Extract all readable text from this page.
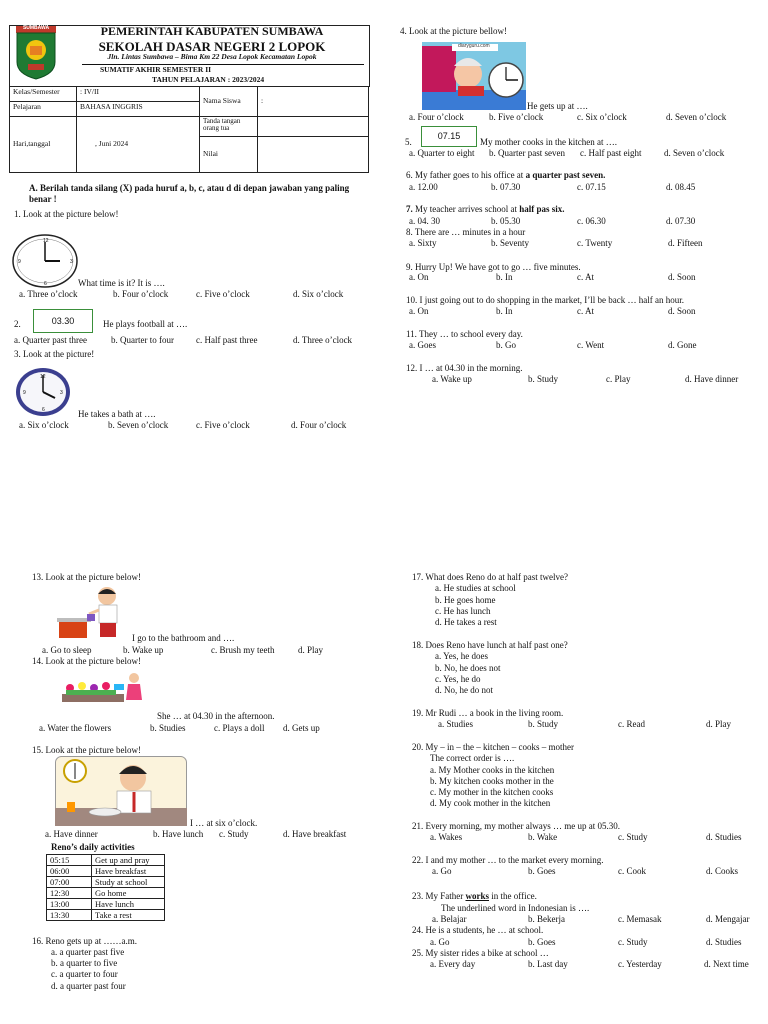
SUMBAWA	PEMERINTAH KABUPATEN SUMBAWA
SEKOLAH DASAR NEGERI 2 LOPOK
Jln. Lintas Sumbawa – Bima Km 22 Desa Lopok Kecamatan Lopok
SUMATIF AKHIR SEMESTER II
TAHUN PELAJARAN : 2023/2024
Kelas/Semester	: IV/II	Nama Siswa	:
Pelajaran	BAHASA INGGRIS		
Hari,tanggal	, Juni 2024	Tanda tangan orang tua	
		Nilai	
A. Berilah tanda silang (X) pada huruf a, b, c, atau d di depan jawaban yang paling benar !
1. Look at the picture below!
12
3
6
9
What time is it? It is ….
a. Three o’clock	b. Four o’clock	c. Five o’clock	d. Six o’clock
2.	03.30	He plays football at ….
a. Quarter past three	b. Quarter to four c. Half past three	d. Three o’clock
3. Look at the picture!
12
3
6
9
He takes a bath at ….
a. Six o’clock	b. Seven o’clock	c. Five o’clock	d. Four o’clock
4. Look at the picture bellow!
diaryguru.com
He gets up at ….
a. Four o’clock	b. Five o’clock	c. Six o’clock	d. Seven o’clock
5.
07.15
My mother cooks in the kitchen at ….
a. Quarter to eight b. Quarter past seven c. Half past eight	d. Seven o’clock
6. My father goes to his office at a quarter past seven.
a. 12.00	b. 07.30	c. 07.15	d. 08.45
7. My teacher arrives school at half pas six.
a. 04. 30	b. 05.30	c. 06.30	d. 07.30
8. There are … minutes in a hour
a. Sixty	b. Seventy	c. Twenty	d. Fifteen
9. Hurry Up! We have got to go … five minutes.
a. On	b. In	c. At	d. Soon
10. I just going out to do shopping in the market, I’ll be back … half an hour.
a. On	b. In	c. At	d. Soon
11. They … to school every day.
a. Goes	b. Go	c. Went	d. Gone
12. I … at 04.30 in the morning.
a. Wake up	b. Study	c. Play	d. Have dinner
13. Look at the picture below!
I go to the bathroom and ….
a. Go to sleep	b. Wake up	c. Brush my teeth	d. Play
14. Look at the picture below!
She … at 04.30 in the afternoon.
a. Water the flowers	b. Studies	c. Plays a doll d. Gets up
15. Look at the picture below!
I … at six o’clock.
a. Have dinner	b. Have lunch c. Study	d. Have breakfast
Reno’s daily activities
05:15	Get up and pray
06:00	Have breakfast
07:00	Study at school
12:30	Go home
13:00	Have lunch
13:30	Take a rest
16. Reno gets up at ……a.m.
a. a quarter past five
b. a quarter to five
c. a quarter to four
d. a quarter past four
17. What does Reno do at half past twelve?
a. He studies at school
b. He goes home
c. He has lunch
d. He takes a rest
18. Does Reno have lunch at half past one?
a. Yes, he does
b. No, he does not
c. Yes, he do
d. No, he do not
19. Mr Rudi … a book in the living room.
a. Studies	b. Study	c. Read	d. Play
20. My – in – the – kitchen – cooks – mother
The correct order is ….
a. My Mother cooks in the kitchen
b. My kitchen cooks mother in the
c. My mother in the kitchen cooks
d. My cook mother in the kitchen
21. Every morning, my mother always … me up at 05.30.
a. Wakes	b. Wake	c. Study	d. Studies
22. I and my mother … to the market every morning.
a. Go	b. Goes	c. Cook	d. Cooks
23. My Father works in the office.
The underlined word in Indonesian is ….
a. Belajar	b. Bekerja	c. Memasak	d. Mengajar
24. He is a students, he … at school.
a. Go	b. Goes	c. Study	d. Studies
25. My sister rides a bike at school …
a. Every day	b. Last day	c. Yesterday	d. Next time
